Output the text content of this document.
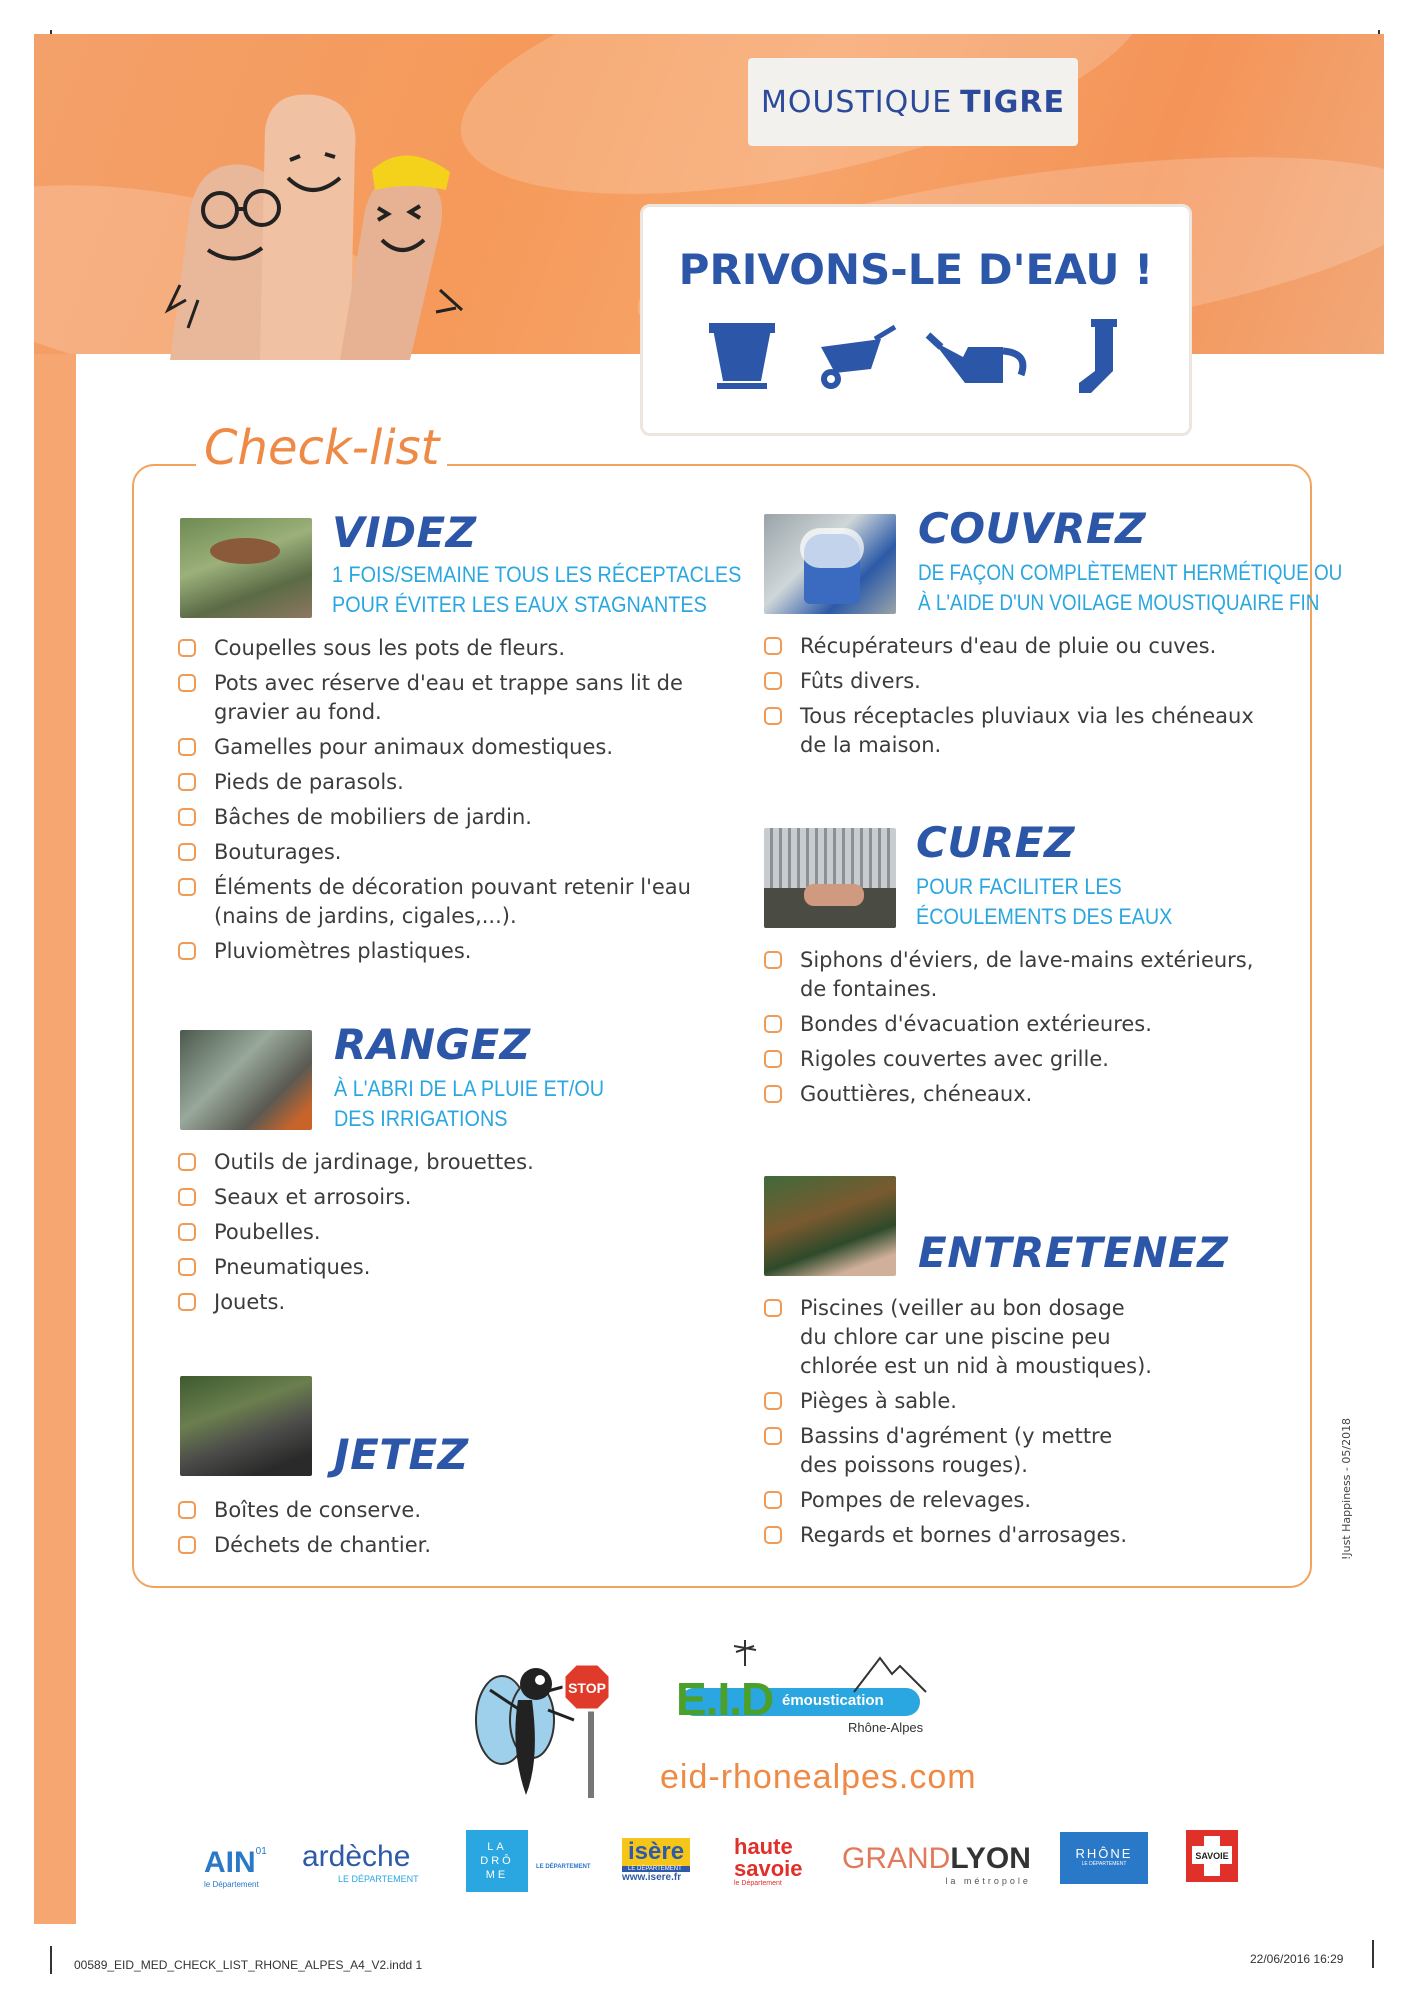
MOUSTIQUE TIGRE
PRIVONS-LE D'EAU !
Check-list
VIDEZ
1 FOIS/SEMAINE TOUS LES RÉCEPTACLES
POUR ÉVITER LES EAUX STAGNANTES
Coupelles sous les pots de fleurs.
Pots avec réserve d'eau et trappe sans lit de gravier au fond.
Gamelles pour animaux domestiques.
Pieds de parasols.
Bâches de mobiliers de jardin.
Bouturages.
Éléments de décoration pouvant retenir l'eau (nains de jardins, cigales,...).
Pluviomètres plastiques.
RANGEZ
À L'ABRI DE LA PLUIE ET/OU
DES IRRIGATIONS
Outils de jardinage, brouettes.
Seaux et arrosoirs.
Poubelles.
Pneumatiques.
Jouets.
JETEZ
Boîtes de conserve.
Déchets de chantier.
COUVREZ
DE FAÇON COMPLÈTEMENT HERMÉTIQUE OU
À L'AIDE D'UN VOILAGE MOUSTIQUAIRE FIN
Récupérateurs d'eau de pluie ou cuves.
Fûts divers.
Tous réceptacles pluviaux via les chéneaux de la maison.
CUREZ
POUR FACILITER LES
ÉCOULEMENTS DES EAUX
Siphons d'éviers, de lave-mains extérieurs, de fontaines.
Bondes d'évacuation extérieures.
Rigoles couvertes avec grille.
Gouttières, chéneaux.
ENTRETENEZ
Piscines (veiller au bon dosage du chlore car une piscine peu chlorée est un nid à moustiques).
Pièges à sable.
Bassins d'agrément (y mettre des poissons rouges).
Pompes de relevages.
Regards et bornes d'arrosages.	!Just Happiness - 05/2018
STOP E.I.D émoustication
Rhône-Alpes
eid-rhonealpes.com
AIN$^{01}$
le Département
ardèche
LE DÉPARTEMENT
LA DRÔ ME
LE DÉPARTEMENT
isère
LE DÉPARTEMENT
www.isere.fr
haute
savoie
le Département
GRANDLYON
la métropole
RHÔNE
LE DÉPARTEMENT
SAVOIE
00589_EID_MED_CHECK_LIST_RHONE_ALPES_A4_V2.indd 1	22/06/2016 16:29
